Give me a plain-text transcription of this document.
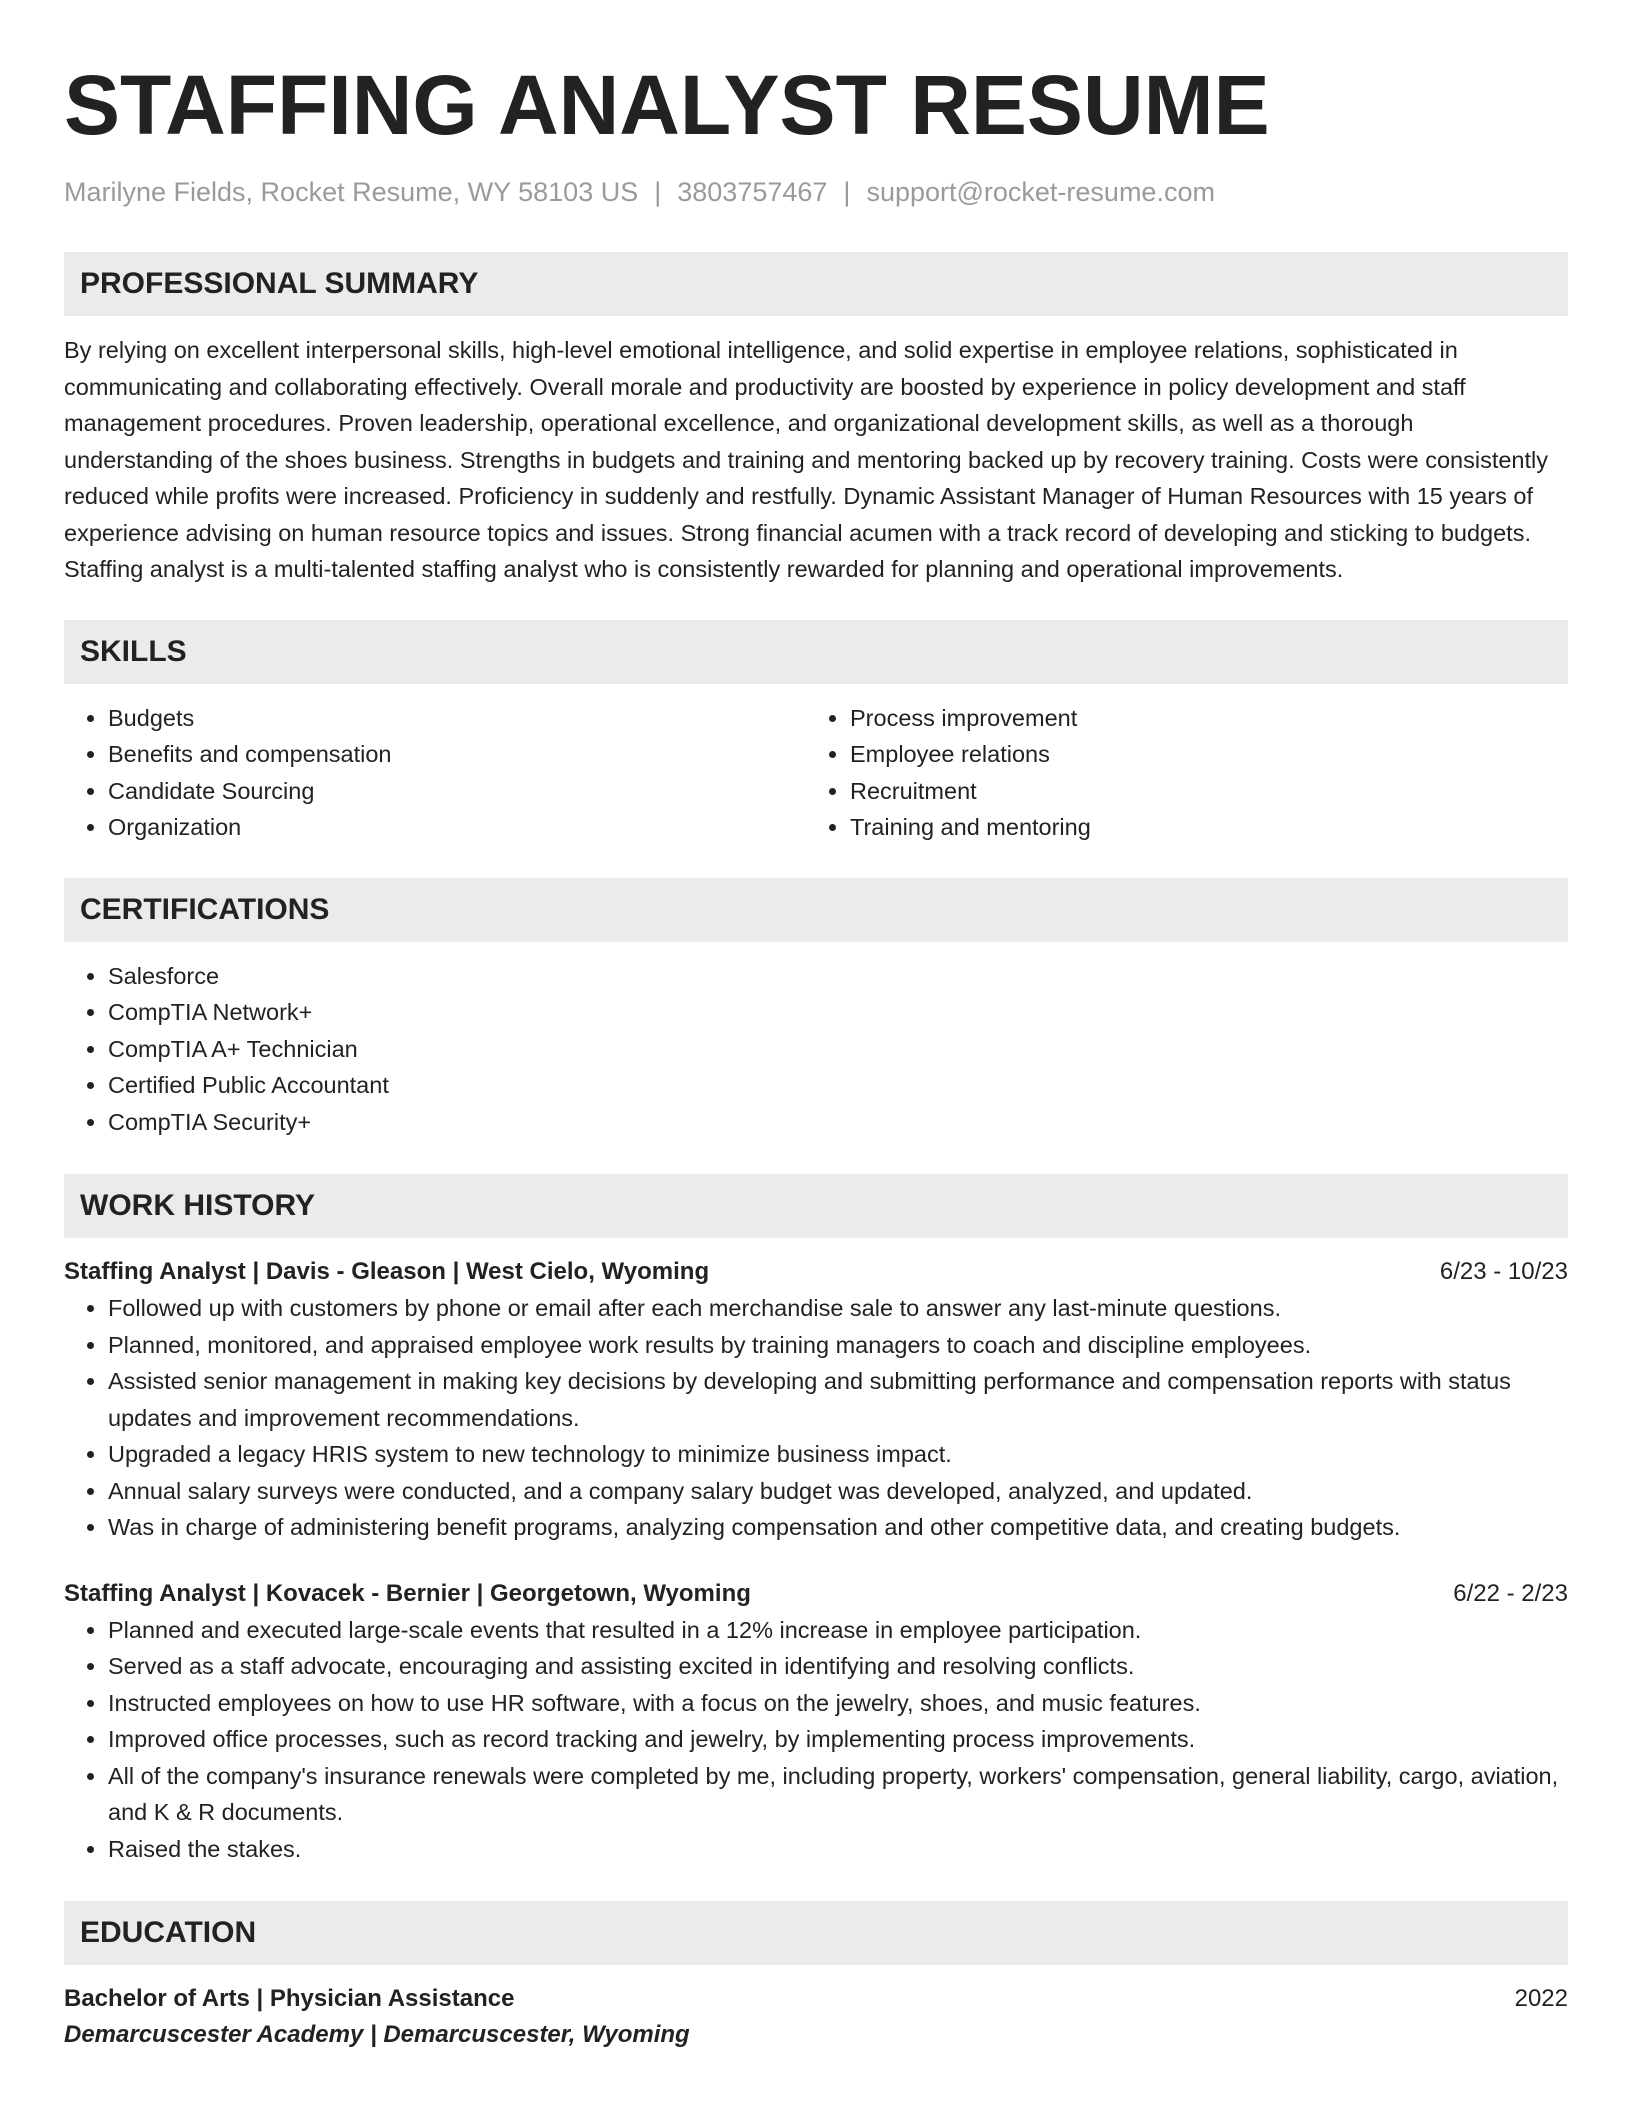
STAFFING ANALYST RESUME
Marilyne Fields, Rocket Resume, WY 58103 US | 3803757467 | support@rocket-resume.com
PROFESSIONAL SUMMARY

By relying on excellent interpersonal skills, high-level emotional intelligence, and solid expertise in employee relations, sophisticated in communicating and collaborating effectively. Overall morale and productivity are boosted by experience in policy development and staff management procedures. Proven leadership, operational excellence, and organizational development skills, as well as a thorough understanding of the shoes business. Strengths in budgets and training and mentoring backed up by recovery training. Costs were consistently reduced while profits were increased. Proficiency in suddenly and restfully. Dynamic Assistant Manager of Human Resources with 15 years of experience advising on human resource topics and issues. Strong financial acumen with a track record of developing and sticking to budgets. Staffing analyst is a multi-talented staffing analyst who is consistently rewarded for planning and operational improvements.

SKILLS
• Budgets
• Benefits and compensation
• Candidate Sourcing
• Organization
• Process improvement
• Employee relations
• Recruitment
• Training and mentoring
CERTIFICATIONS
• Salesforce
• CompTIA Network+
• CompTIA A+ Technician
• Certified Public Accountant
• CompTIA Security+
WORK HISTORY
Staffing Analyst | Davis - Gleason | West Cielo, Wyoming	6/23 - 10/23
• Followed up with customers by phone or email after each merchandise sale to answer any last-minute questions.
• Planned, monitored, and appraised employee work results by training managers to coach and discipline employees.
• Assisted senior management in making key decisions by developing and submitting performance and compensation reports with status updates and improvement recommendations.
• Upgraded a legacy HRIS system to new technology to minimize business impact.
• Annual salary surveys were conducted, and a company salary budget was developed, analyzed, and updated.
• Was in charge of administering benefit programs, analyzing compensation and other competitive data, and creating budgets.
Staffing Analyst | Kovacek - Bernier | Georgetown, Wyoming	6/22 - 2/23
• Planned and executed large-scale events that resulted in a 12% increase in employee participation.
• Served as a staff advocate, encouraging and assisting excited in identifying and resolving conflicts.
• Instructed employees on how to use HR software, with a focus on the jewelry, shoes, and music features.
• Improved office processes, such as record tracking and jewelry, by implementing process improvements.
• All of the company's insurance renewals were completed by me, including property, workers' compensation, general liability, cargo, aviation, and K & R documents.
• Raised the stakes.
EDUCATION
Bachelor of Arts | Physician Assistance	2022
Demarcuscester Academy | Demarcuscester, Wyoming
